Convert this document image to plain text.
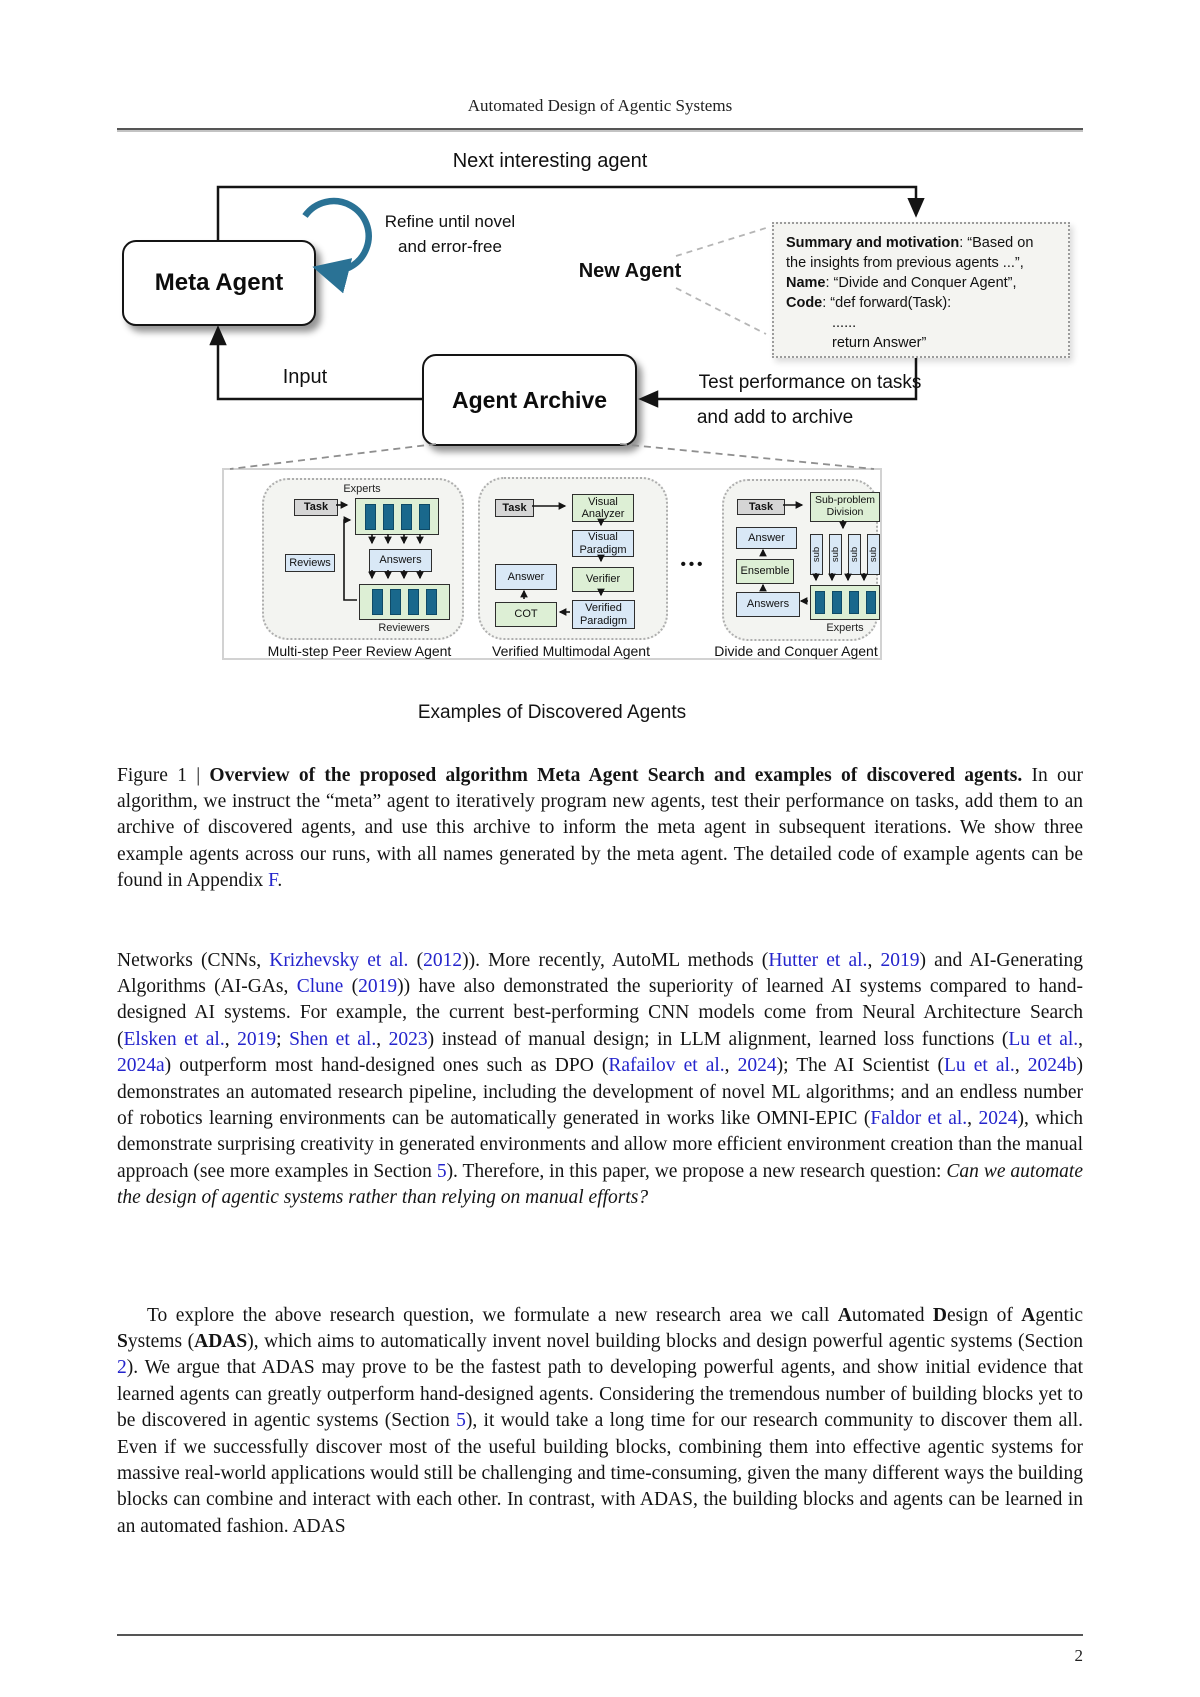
Automated Design of Agentic Systems
Next interesting agent
Meta Agent
Refine until novel
and error-free
New Agent
Summary and motivation: “Based on
the insights from previous agents ...”,
Name: “Divide and Conquer Agent”,
Code: “def forward(Task):
......
return Answer”
Agent Archive
Input	Test performance on tasks
and add to archive
Experts
Task
Answers
Reviews
Reviewers
Multi-step Peer Review Agent
Task
Visual Analyzer
Visual Paradigm
Verifier
Verified Paradigm
Answer
COT
Verified Multimodal Agent
•••
Task
Sub-problem Division
Answer
Ensemble
Answers
sub sub sub sub
Experts
Divide and Conquer Agent
Examples of Discovered Agents

Figure 1 | Overview of the proposed algorithm Meta Agent Search and examples of discovered agents. In our algorithm, we instruct the “meta” agent to iteratively program new agents, test their performance on tasks, add them to an archive of discovered agents, and use this archive to inform the meta agent in subsequent iterations. We show three example agents across our runs, with all names generated by the meta agent. The detailed code of example agents can be found in Appendix F.

Networks (CNNs, Krizhevsky et al. (2012)). More recently, AutoML methods (Hutter et al., 2019) and AI-Generating Algorithms (AI-GAs, Clune (2019)) have also demonstrated the superiority of learned AI systems compared to hand-designed AI systems. For example, the current best-performing CNN models come from Neural Architecture Search (Elsken et al., 2019; Shen et al., 2023) instead of manual design; in LLM alignment, learned loss functions (Lu et al., 2024a) outperform most hand-designed ones such as DPO (Rafailov et al., 2024); The AI Scientist (Lu et al., 2024b) demonstrates an automated research pipeline, including the development of novel ML algorithms; and an endless number of robotics learning environments can be automatically generated in works like OMNI-EPIC (Faldor et al., 2024), which demonstrate surprising creativity in generated environments and allow more efficient environment creation than the manual approach (see more examples in Section 5). Therefore, in this paper, we propose a new research question: Can we automate the design of agentic systems rather than relying on manual efforts?

To explore the above research question, we formulate a new research area we call Automated Design of Agentic Systems (ADAS), which aims to automatically invent novel building blocks and design powerful agentic systems (Section 2). We argue that ADAS may prove to be the fastest path to developing powerful agents, and show initial evidence that learned agents can greatly outperform hand-designed agents. Considering the tremendous number of building blocks yet to be discovered in agentic systems (Section 5), it would take a long time for our research community to discover them all. Even if we successfully discover most of the useful building blocks, combining them into effective agentic systems for massive real-world applications would still be challenging and time-consuming, given the many different ways the building blocks can combine and interact with each other. In contrast, with ADAS, the building blocks and agents can be learned in an automated fashion. ADAS

2
